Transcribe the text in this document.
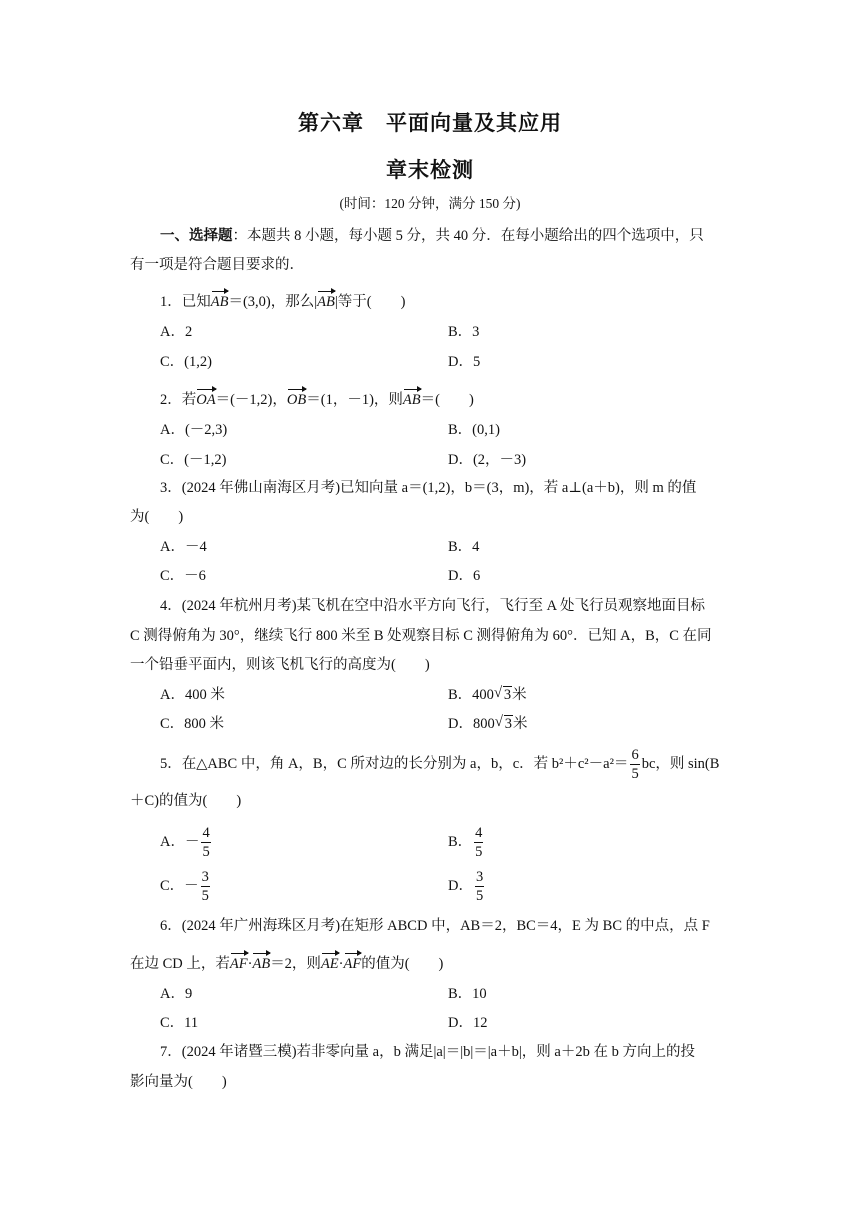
第六章　平面向量及其应用
章末检测
(时间：120 分钟，满分 150 分)
一、选择题：本题共 8 小题，每小题 5 分，共 40 分．在每小题给出的四个选项中，只
有一项是符合题目要求的．
1．已知AB＝(3,0)，那么|AB|等于(　　)
A．2	B．3
C．(1,2)	D．5
2．若OA＝(－1,2)，OB＝(1，－1)，则AB＝(　　)
A．(－2,3)	B．(0,1)
C．(－1,2)	D．(2，－3)
3．(2024 年佛山南海区月考)已知向量 a＝(1,2)，b＝(3，m)，若 a⊥(a＋b)，则 m 的值
为(　　)
A．－4	B．4
C．－6	D．6
4．(2024 年杭州月考)某飞机在空中沿水平方向飞行，飞行至 A 处飞行员观察地面目标
C 测得俯角为 30°，继续飞行 800 米至 B 处观察目标 C 测得俯角为 60°．已知 A，B，C 在同
一个铅垂平面内，则该飞机飞行的高度为(　　)
A．400 米	B．400 √ 3米
C．800 米	D．800 √ 3米
5．在△ABC 中，角 A，B，C 所对边的长分别为 a，b，c．若 $b^2+c^2-a^2= \frac{6}{5}$ bc，则 sin(B
＋C)的值为(　　)
A．－ $\frac{4}{5}$	B． $\frac{4}{5}$
C．－ $\frac{3}{5}$	D． $\frac{3}{5}$
6．(2024 年广州海珠区月考)在矩形 ABCD 中，AB＝2，BC＝4，E 为 BC 的中点，点 F
在边 CD 上，若AF·AB＝2，则AE·AF的值为(　　)
A．9	B．10
C．11	D．12
7．(2024 年诸暨三模)若非零向量 a，b 满足|a|＝|b|＝|a＋b|，则 a＋2b 在 b 方向上的投
影向量为(　　)
